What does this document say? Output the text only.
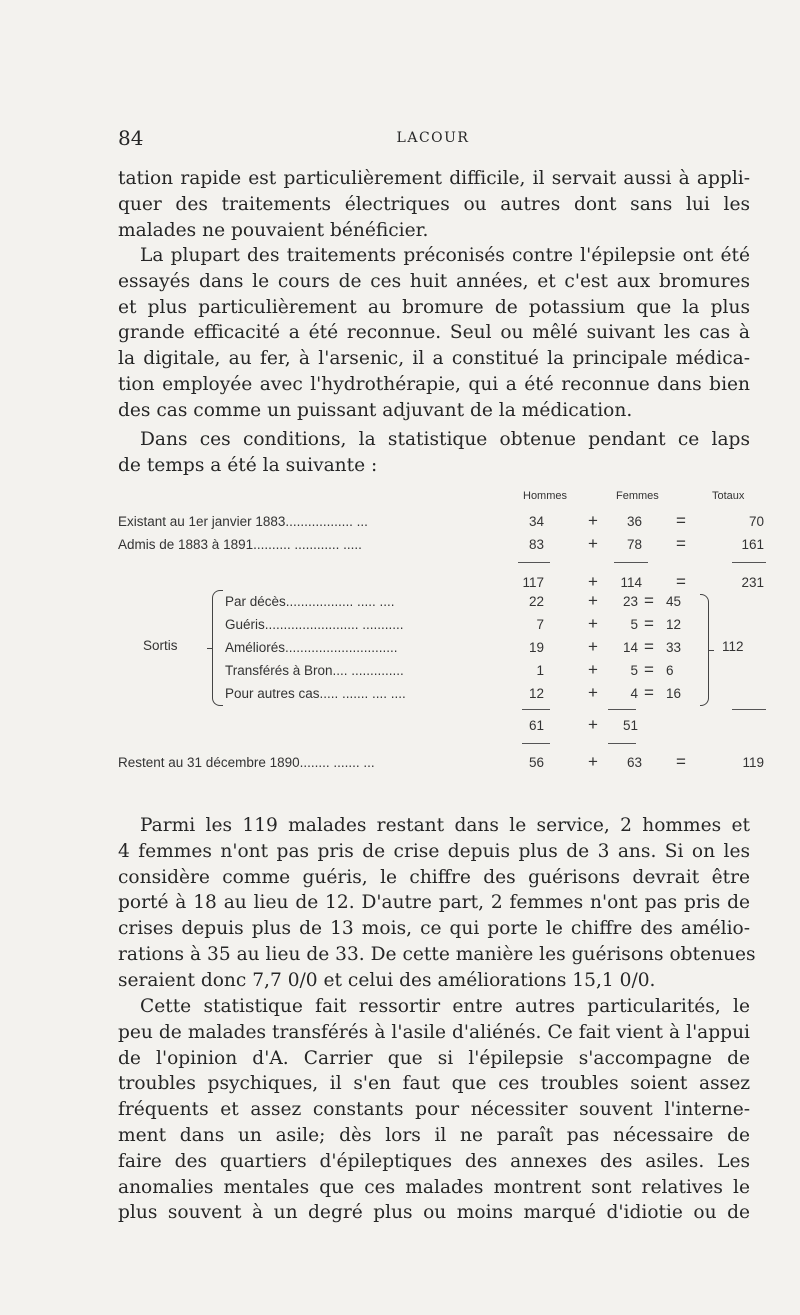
84	LACOUR

tation rapide est particulièrement difficile, il servait aussi à appli-
quer des traitements électriques ou autres dont sans lui les
malades ne pouvaient bénéficier.

La plupart des traitements préconisés contre l'épilepsie ont été
essayés dans le cours de ces huit années, et c'est aux bromures
et plus particulièrement au bromure de potassium que la plus
grande efficacité a été reconnue. Seul ou mêlé suivant les cas à
la digitale, au fer, à l'arsenic, il a constitué la principale médica-
tion employée avec l'hydrothérapie, qui a été reconnue dans bien
des cas comme un puissant adjuvant de la médication.

Dans ces conditions, la statistique obtenue pendant ce laps
de temps a été la suivante :

Hommes	Femmes	Totaux
Existant au 1er janvier 1883.................. ...	34	+	36 =	70
Admis de 1883 à 1891.......... ............ .....	83	+	78 =	161
117	+	114 =	231
Sortis	112
Par décès.................. ..... ....	22	+	23 = 45
Guéris......................... ...........	7	+	5 = 12
Améliorés..............................	19	+	14 = 33
Transférés à Bron.... ..............	1	+	5 = 6
Pour autres cas..... ....... .... ....	12	+	4 = 16
61	+	51
Restent au 31 décembre 1890........ ....... ...	56	+	63 =	119

Parmi les 119 malades restant dans le service, 2 hommes et
4 femmes n'ont pas pris de crise depuis plus de 3 ans. Si on les
considère comme guéris, le chiffre des guérisons devrait être
porté à 18 au lieu de 12. D'autre part, 2 femmes n'ont pas pris de
crises depuis plus de 13 mois, ce qui porte le chiffre des amélio-
rations à 35 au lieu de 33. De cette manière les guérisons obtenues
seraient donc 7,7 0/0 et celui des améliorations 15,1 0/0.

Cette statistique fait ressortir entre autres particularités, le
peu de malades transférés à l'asile d'aliénés. Ce fait vient à l'appui
de l'opinion d'A. Carrier que si l'épilepsie s'accompagne de
troubles psychiques, il s'en faut que ces troubles soient assez
fréquents et assez constants pour nécessiter souvent l'interne-
ment dans un asile; dès lors il ne paraît pas nécessaire de
faire des quartiers d'épileptiques des annexes des asiles. Les
anomalies mentales que ces malades montrent sont relatives le
plus souvent à un degré plus ou moins marqué d'idiotie ou de
